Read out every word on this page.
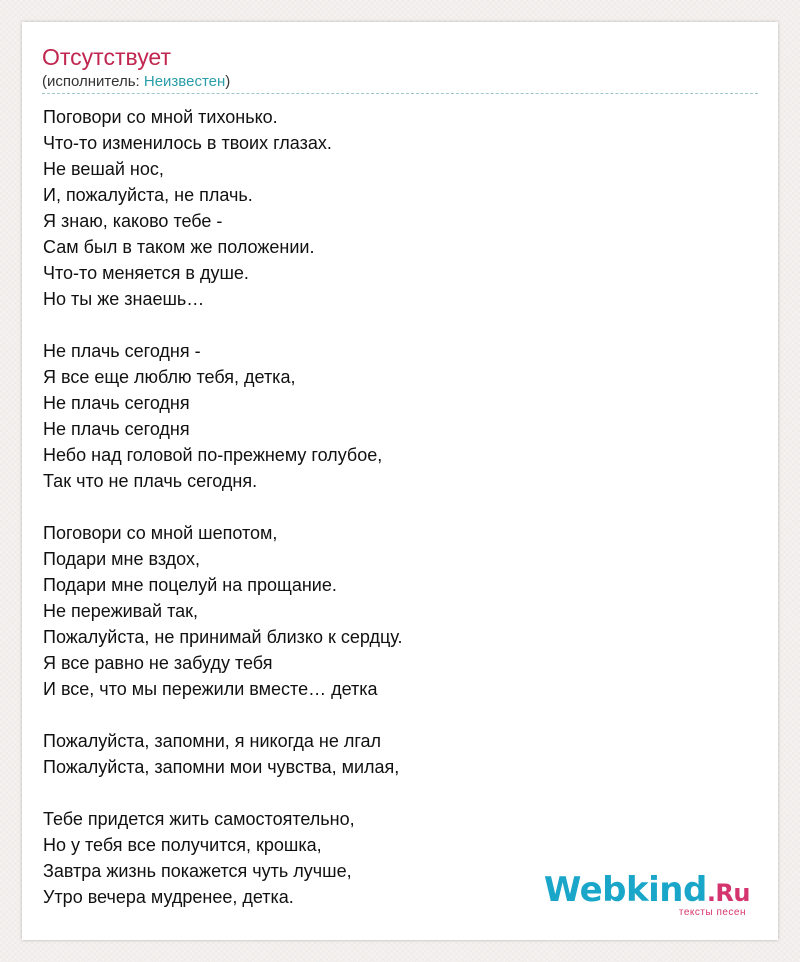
Отсутствует
(исполнитель: Неизвестен)
Поговори со мной тихонько.
Что-то изменилось в твоих глазах.
Не вешай нос,
И, пожалуйста, не плачь.
Я знаю, каково тебе -
Сам был в таком же положении.
Что-то меняется в душе.
Но ты же знаешь…
Не плачь сегодня -
Я все еще люблю тебя, детка,
Не плачь сегодня
Не плачь сегодня
Небо над головой по-прежнему голубое,
Так что не плачь сегодня.
Поговори со мной шепотом,
Подари мне вздох,
Подари мне поцелуй на прощание.
Не переживай так,
Пожалуйста, не принимай близко к сердцу.
Я все равно не забуду тебя
И все, что мы пережили вместе… детка
Пожалуйста, запомни, я никогда не лгал
Пожалуйста, запомни мои чувства, милая,
Тебе придется жить самостоятельно,
Но у тебя все получится, крошка,
Завтра жизнь покажется чуть лучше,
Утро вечера мудренее, детка.	Webkind.Ru
тексты песен
